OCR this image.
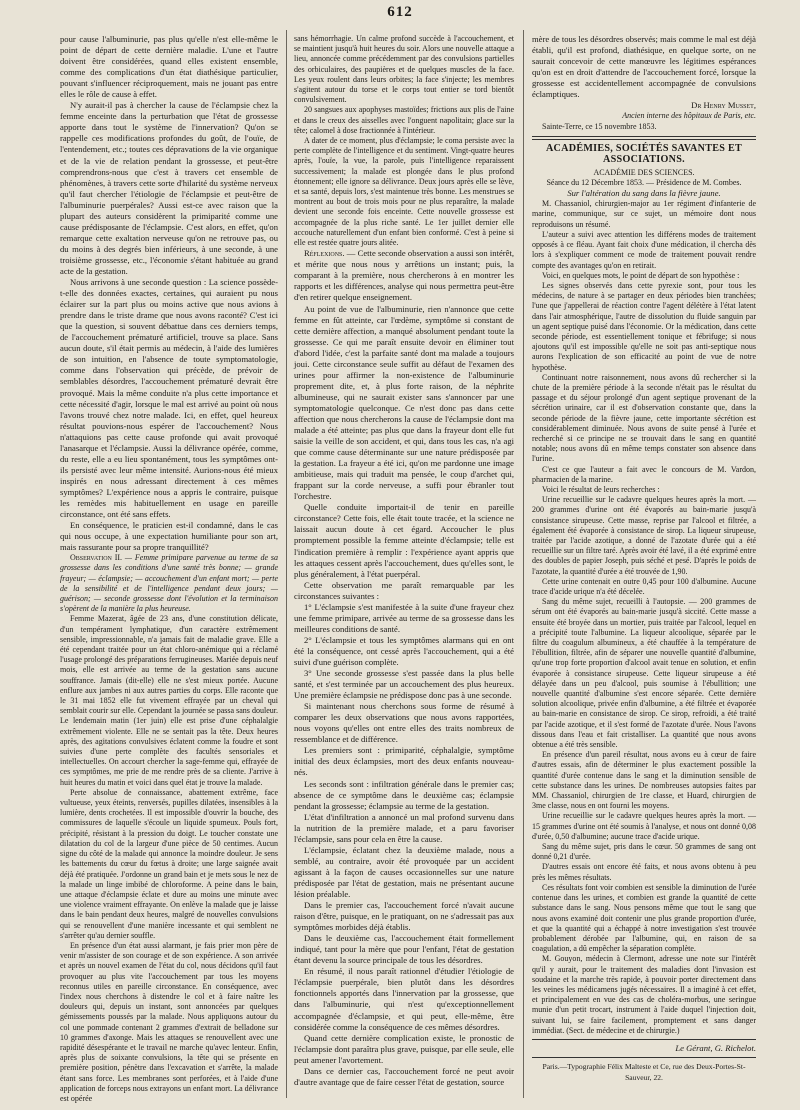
612

pour cause l'albuminurie, pas plus qu'elle n'est elle-même le point de départ de cette dernière maladie. L'une et l'autre doivent être considérées, quand elles existent ensemble, comme des complications d'un état diathésique particulier, pouvant s'influencer réciproquement, mais ne jouant pas entre elles le rôle de cause à effet.

N'y aurait-il pas à chercher la cause de l'éclampsie chez la femme enceinte dans la perturbation que l'état de grossesse apporte dans tout le système de l'innervation? Qu'on se rappelle ces modifications profondes du goût, de l'ouïe, de l'entendement, etc.; toutes ces dépravations de la vie organique et de la vie de relation pendant la grossesse, et peut-être comprendrons-nous que c'est à travers cet ensemble de phénomènes, à travers cette sorte d'hilarité du système nerveux qu'il faut chercher l'étiologie de l'éclampsie et peut-être de l'albuminurie puerpérales? Aussi est-ce avec raison que la plupart des auteurs considèrent la primiparité comme une cause prédisposante de l'éclampsie. C'est alors, en effet, qu'on remarque cette exaltation nerveuse qu'on ne retrouve pas, ou du moins à des degrés bien inférieurs, à une seconde, à une troisième grossesse, etc., l'économie s'étant habituée au grand acte de la gestation.

Nous arrivons à une seconde question : La science possède-t-elle des données exactes, certaines, qui auraient pu nous éclairer sur la part plus ou moins active que nous avions à prendre dans le triste drame que nous avons raconté? C'est ici que la question, si souvent débattue dans ces derniers temps, de l'accouchement prématuré artificiel, trouve sa place. Sans aucun doute, s'il était permis au médecin, à l'aide des lumières de son intuition, en l'absence de toute symptomatologie, comme dans l'observation qui précède, de prévoir de semblables désordres, l'accouchement prématuré devrait être provoqué. Mais la même conduite n'a plus cette importance et cette nécessité d'agir, lorsque le mal est arrivé au point où nous l'avons trouvé chez notre malade. Ici, en effet, quel heureux résultat pouvions-nous espérer de l'accouchement? Nous n'attaquions pas cette cause profonde qui avait provoqué l'anasarque et l'éclampsie. Aussi la délivrance opérée, comme, du reste, elle a eu lieu spontanément, tous les symptômes ont-ils persisté avec leur même intensité. Aurions-nous été mieux inspirés en nous adressant directement à ces mêmes symptômes? L'expérience nous a appris le contraire, puisque les remèdes mis habituellement en usage en pareille circonstance, ont été sans effets.

En conséquence, le praticien est-il condamné, dans le cas qui nous occupe, à une expectation humiliante pour son art, mais rassurante pour sa propre tranquillité?

Observation II. — Femme primipare parvenue au terme de sa grossesse dans les conditions d'une santé très bonne; — grande frayeur; — éclampsie; — accouchement d'un enfant mort; — perte de la sensibilité et de l'intelligence pendant deux jours; — guérison; — seconde grossesse dont l'évolution et la terminaison s'opèrent de la manière la plus heureuse.

Femme Mazerat, âgée de 23 ans, d'une constitution délicate, d'un tempérament lymphatique, d'un caractère extrêmement sensible, impressionnable, n'a jamais fait de maladie grave. Elle a été cependant traitée pour un état chloro-anémique qui a réclamé l'usage prolongé des préparations ferrugineuses. Mariée depuis neuf mois, elle est arrivée au terme de la gestation sans aucune souffrance. Jamais (dit-elle) elle ne s'est mieux portée. Aucune enflure aux jambes ni aux autres parties du corps. Elle raconte que le 31 mai 1852 elle fut vivement effrayée par un cheval qui semblait courir sur elle. Cependant la journée se passa sans douleur. Le lendemain matin (1er juin) elle est prise d'une céphalalgie extrêmement violente. Elle ne se sentait pas la tête. Deux heures après, des agitations convulsives éclatent comme la foudre et sont suivies d'une perte complète des facultés sensoriales et intellectuelles. On accourt chercher la sage-femme qui, effrayée de ces symptômes, me prie de me rendre près de sa cliente. J'arrive à huit heures du matin et voici dans quel état je trouve la malade.

Perte absolue de connaissance, abattement extrême, face vultueuse, yeux éteints, renversés, pupilles dilatées, insensibles à la lumière, dents crochetées. Il est impossible d'ouvrir la bouche, des commissures de laquelle s'écoule un liquide spumeux. Pouls fort, précipité, résistant à la pression du doigt. Le toucher constate une dilatation du col de la largeur d'une pièce de 50 centimes. Aucun signe du côté de la malade qui annonce la moindre douleur. Je sens les battements du cœur du fœtus à droite; une large saignée avait déjà été pratiquée. J'ordonne un grand bain et je mets sous le nez de la malade un linge imbibé de chloroforme. A peine dans le bain, une attaque d'éclampsie éclate et dure au moins une minute avec une violence vraiment effrayante. On enlève la malade que je laisse dans le bain pendant deux heures, malgré de nouvelles convulsions qui se renouvellent d'une manière incessante et qui semblent ne s'arrêter qu'au dernier souffle.

En présence d'un état aussi alarmant, je fais prier mon père de venir m'assister de son courage et de son expérience. A son arrivée et après un nouvel examen de l'état du col, nous décidons qu'il faut provoquer au plus vite l'accouchement par tous les moyens reconnus utiles en pareille circonstance. En conséquence, avec l'index nous cherchons à distendre le col et à faire naître les douleurs qui, depuis un instant, sont annoncées par quelques gémissements poussés par la malade. Nous appliquons autour du col une pommade contenant 2 grammes d'extrait de belladone sur 10 grammes d'axonge. Mais les attaques se renouvellent avec une rapidité désespérante et le travail ne marche qu'avec lenteur. Enfin, après plus de soixante convulsions, la tête qui se présente en première position, pénètre dans l'excavation et s'arrête, la malade étant sans force. Les membranes sont perforées, et à l'aide d'une application de forceps nous extrayons un enfant mort. La délivrance est opérée

sans hémorrhagie. Un calme profond succède à l'accouchement, et se maintient jusqu'à huit heures du soir. Alors une nouvelle attaque a lieu, annoncée comme précédemment par des convulsions partielles des orbiculaires, des paupières et de quelques muscles de la face. Les yeux roulent dans leurs orbites; la face s'injecte; les membres s'agitent autour du torse et le corps tout entier se tord bientôt convulsivement.

20 sangsues aux apophyses mastoïdes; frictions aux plis de l'aine et dans le creux des aisselles avec l'onguent napolitain; glace sur la tête; calomel à dose fractionnée à l'intérieur.

A dater de ce moment, plus d'éclampsie; le coma persiste avec la perte complète de l'intelligence et du sentiment. Vingt-quatre heures après, l'ouïe, la vue, la parole, puis l'intelligence reparaissent successivement; la malade est plongée dans le plus profond étonnement; elle ignore sa délivrance. Deux jours après elle se lève, et sa santé, depuis lors, s'est maintenue très bonne. Les menstrues se montrent au bout de trois mois pour ne plus reparaître, la malade devient une seconde fois enceinte. Cette nouvelle grossesse est accompagnée de la plus riche santé. Le 1er juillet dernier elle accouche naturellement d'un enfant bien conformé. C'est à peine si elle est restée quatre jours alitée.

Réflexions. — Cette seconde observation a aussi son intérêt, et mérite que nous nous y arrêtions un instant; puis, la comparant à la première, nous chercherons à en montrer les rapports et les différences, analyse qui nous permettra peut-être d'en retirer quelque enseignement.

Au point de vue de l'albuminurie, rien n'annonce que cette femme en fût atteinte, car l'œdème, symptôme si constant de cette dernière affection, a manqué absolument pendant toute la grossesse. Ce qui me paraît ensuite devoir en éliminer tout d'abord l'idée, c'est la parfaite santé dont ma malade a toujours joui. Cette circonstance seule suffit au défaut de l'examen des urines pour affirmer la non-existence de l'albuminurie proprement dite, et, à plus forte raison, de la néphrite albumineuse, qui ne saurait exister sans s'annoncer par une symptomatologie quelconque. Ce n'est donc pas dans cette affection que nous chercherons la cause de l'éclampsie dont ma malade a été atteinte; pas plus que dans la frayeur dont elle fut saisie la veille de son accident, et qui, dans tous les cas, n'a agi que comme cause déterminante sur une nature prédisposée par la gestation. La frayeur a été ici, qu'on me pardonne une image ambitieuse, mais qui traduit ma pensée, le coup d'archet qui, frappant sur la corde nerveuse, a suffi pour ébranler tout l'orchestre.

Quelle conduite importait-il de tenir en pareille circonstance? Cette fois, elle était toute tracée, et la science ne laissait aucun doute à cet égard. Accoucher le plus promptement possible la femme atteinte d'éclampsie; telle est l'indication première à remplir : l'expérience ayant appris que les attaques cessent après l'accouchement, dues qu'elles sont, le plus généralement, à l'état puerpéral.

Cette observation me paraît remarquable par les circonstances suivantes :

1° L'éclampsie s'est manifestée à la suite d'une frayeur chez une femme primipare, arrivée au terme de sa grossesse dans les meilleures conditions de santé.

2° L'éclampsie et tous les symptômes alarmans qui en ont été la conséquence, ont cessé après l'accouchement, qui a été suivi d'une guérison complète.

3° Une seconde grossesse s'est passée dans la plus belle santé, et s'est terminée par un accouchement des plus heureux. Une première éclampsie ne prédispose donc pas à une seconde.

Si maintenant nous cherchons sous forme de résumé à comparer les deux observations que nous avons rapportées, nous voyons qu'elles ont entre elles des traits nombreux de ressemblance et de différence.

Les premiers sont : primiparité, céphalalgie, symptôme initial des deux éclampsies, mort des deux enfants nouveau-nés.

Les seconds sont : infiltration générale dans le premier cas; absence de ce symptôme dans le deuxième cas; éclampsie pendant la grossesse; éclampsie au terme de la gestation.

L'état d'infiltration a annoncé un mal profond survenu dans la nutrition de la première malade, et a paru favoriser l'éclampsie, sans pour cela en être la cause.

L'éclampsie, éclatant chez la deuxième malade, nous a semblé, au contraire, avoir été provoquée par un accident agissant à la façon de causes occasionnelles sur une nature prédisposée par l'état de gestation, mais ne présentant aucune lésion préalable.

Dans le premier cas, l'accouchement forcé n'avait aucune raison d'être, puisque, en le pratiquant, on ne s'adressait pas aux symptômes morbides déjà établis.

Dans le deuxième cas, l'accouchement était formellement indiqué, tant pour la mère que pour l'enfant, l'état de gestation étant devenu la source principale de tous les désordres.

En résumé, il nous paraît rationnel d'étudier l'étiologie de l'éclampsie puerpérale, bien plutôt dans les désordres fonctionnels apportés dans l'innervation par la grossesse, que dans l'albuminurie, qui n'est qu'exceptionnellement accompagnée d'éclampsie, et qui peut, elle-même, être considérée comme la conséquence de ces mêmes désordres.

Quand cette dernière complication existe, le pronostic de l'éclampsie dont paraîtra plus grave, puisque, par elle seule, elle peut amener l'avortement.

Dans ce dernier cas, l'accouchement forcé ne peut avoir d'autre avantage que de faire cesser l'état de gestation, source

mère de tous les désordres observés; mais comme le mal est déjà établi, qu'il est profond, diathésique, en quelque sorte, on ne saurait concevoir de cette manœuvre les légitimes espérances qu'on est en droit d'attendre de l'accouchement forcé, lorsque la grossesse est accidentellement accompagnée de convulsions éclamptiques.

Dr Henry Musset,

Ancien interne des hôpitaux de Paris, etc.

Sainte-Terre, ce 15 novembre 1853.

ACADÉMIES, SOCIÉTÉS SAVANTES ET ASSOCIATIONS.

ACADÉMIE DES SCIENCES.

Séance du 12 Décembre 1853. — Présidence de M. Combes.

Sur l'altération du sang dans la fièvre jaune.

M. Chassaniol, chirurgien-major au 1er régiment d'infanterie de marine, communique, sur ce sujet, un mémoire dont nous reproduisons un résumé.

L'auteur a suivi avec attention les différens modes de traitement opposés à ce fléau. Ayant fait choix d'une médication, il chercha dès lors à s'expliquer comment ce mode de traitement pouvait rendre compte des avantages qu'on en retirait.

Voici, en quelques mots, le point de départ de son hypothèse :

Les signes observés dans cette pyrexie sont, pour tous les médecins, de nature à se partager en deux périodes bien tranchées; l'une que j'appellerai de réaction contre l'agent délétère à l'état latent dans l'air atmosphérique, l'autre de dissolution du fluide sanguin par un agent septique puisé dans l'économie. Or la médication, dans cette seconde période, est essentiellement tonique et fébrifuge; si nous ajoutons qu'il est impossible qu'elle ne soit pas anti-septique nous aurons l'explication de son efficacité au point de vue de notre hypothèse.

Continuant notre raisonnement, nous avons dû rechercher si la chute de la première période à la seconde n'était pas le résultat du passage et du séjour prolongé d'un agent septique provenant de la sécrétion urinaire, car il est d'observation constante que, dans la seconde période de la fièvre jaune, cette importante sécrétion est considérablement diminuée. Nous avons de suite pensé à l'urée et recherché si ce principe ne se trouvait dans le sang en quantité notable; nous avons dû en même temps constater son absence dans l'urine.

C'est ce que l'auteur a fait avec le concours de M. Vardon, pharmacien de la marine.

Voici le résultat de leurs recherches :

Urine recueillie sur le cadavre quelques heures après la mort. — 200 grammes d'urine ont été évaporés au bain-marie jusqu'à consistance sirupeuse. Cette masse, reprise par l'alcool et filtrée, a également été évaporée à consistance de sirop. La liqueur sirupeuse, traitée par l'acide azotique, a donné de l'azotate d'urée qui a été recueillie sur un filtre taré. Après avoir été lavé, il a été exprimé entre des doubles de papier Joseph, puis séché et pesé. D'après le poids de l'azotate, la quantité d'urée a été trouvée de 1,90.

Cette urine contenait en outre 0,45 pour 100 d'albumine. Aucune trace d'acide urique n'a été décelée.

Sang du même sujet, recueilli à l'autopsie. — 200 grammes de sérum ont été évaporés au bain-marie jusqu'à siccité. Cette masse a ensuite été broyée dans un mortier, puis traitée par l'alcool, lequel en a précipité toute l'albumine. La liqueur alcoolique, séparée par le filtre du coagulum albumineux, a été chauffée à la température de l'ébullition, filtrée, afin de séparer une nouvelle quantité d'albumine, qu'une trop forte proportion d'alcool avait tenue en solution, et enfin évaporée à consistance sirupeuse. Cette liqueur sirupeuse a été délayée dans un peu d'alcool, puis soumise à l'ébullition; une nouvelle quantité d'albumine s'est encore séparée. Cette dernière solution alcoolique, privée enfin d'albumine, a été filtrée et évaporée au bain-marie en consistance de sirop. Ce sirop, refroidi, a été traité par l'acide azotique, et il s'est formé de l'azotate d'urée. Nous l'avons dissous dans l'eau et fait cristalliser. La quantité que nous avons obtenue a été très sensible.

En présence d'un pareil résultat, nous avons eu à cœur de faire d'autres essais, afin de déterminer le plus exactement possible la quantité d'urée contenue dans le sang et la diminution sensible de cette substance dans les urines. De nombreuses autopsies faites par MM. Chassaniol, chirurgien de 1re classe, et Huard, chirurgien de 3me classe, nous en ont fourni les moyens.

Urine recueillie sur le cadavre quelques heures après la mort. — 15 grammes d'urine ont été soumis à l'analyse, et nous ont donné 0,08 d'urée, 0,50 d'albumine; aucune trace d'acide urique.

Sang du même sujet, pris dans le cœur. 50 grammes de sang ont donné 0,21 d'urée.

D'autres essais ont encore été faits, et nous avons obtenu à peu près les mêmes résultats.

Ces résultats font voir combien est sensible la diminution de l'urée contenue dans les urines, et combien est grande la quantité de cette substance dans le sang. Nous pensons même que tout le sang que nous avons examiné doit contenir une plus grande proportion d'urée, et que la quantité qui a échappé à notre investigation s'est trouvée probablement dérobée par l'albumine, qui, en raison de sa coagulation, a dû empêcher la séparation complète.

M. Gouyon, médecin à Clermont, adresse une note sur l'intérêt qu'il y aurait, pour le traitement des maladies dont l'invasion est soudaine et la marche très rapide, à pouvoir porter directement dans les veines les médicamens jugés nécessaires. Il a imaginé à cet effet, et principalement en vue des cas de choléra-morbus, une seringue munie d'un petit trocart, instrument à l'aide duquel l'injection doit, suivant lui, se faire facilement, promptement et sans danger immédiat. (Sect. de médecine et de chirurgie.)

Le Gérant, G. Richelot.

Paris.—Typographie Félix Malteste et Ce, rue des Deux-Portes-St-Sauveur, 22.
